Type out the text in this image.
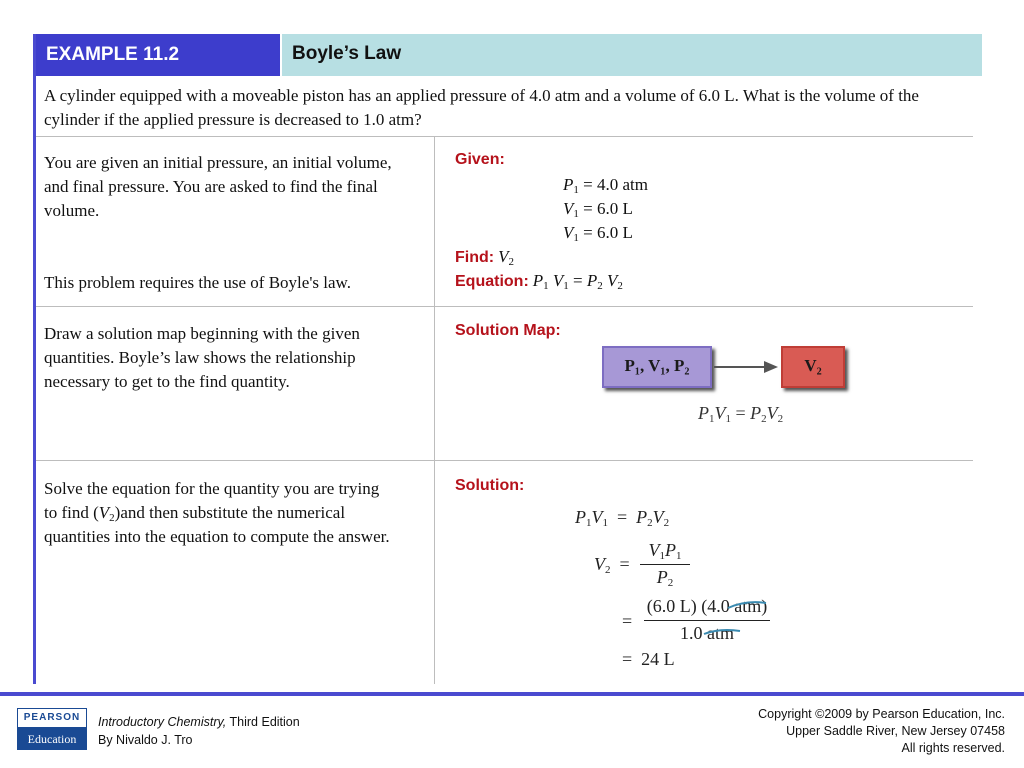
EXAMPLE 11.2	Boyle’s Law
A cylinder equipped with a moveable piston has an applied pressure of 4.0 atm and a volume of 6.0 L. What is the volume of the cylinder if the applied pressure is decreased to 1.0 atm?
You are given an initial pressure, an initial volume, and final pressure. You are asked to find the final volume.
This problem requires the use of Boyle's law.
Given:
$P_1 = 4.0$ atm
$V_1 = 6.0$ L
$V_1 = 6.0$ L
Find: $V_2$
Equation: $P_1$ $V_1 = P_2$ $V_2$
Draw a solution map beginning with the given quantities. Boyle’s law shows the relationship necessary to get to the find quantity.
Solution Map:
P₁, V₁, P₂	V₂
$P_1V_1 = P_2V_2$
Solve the equation for the quantity you are trying to find $(V_2)and$ then substitute the numerical quantities into the equation to compute the answer.
Solution:
$P_1V_1 = P_2V_2$
$V_2$  =
$V_1P_1$
$P_2$
=
(6.0 L) (4.0 atm)
1.0 atm
=  24 L
PEARSON
Education
Introductory Chemistry, Third Edition
By Nivaldo J. Tro
Copyright ©2009 by Pearson Education, Inc.
Upper Saddle River, New Jersey 07458
All rights reserved.
